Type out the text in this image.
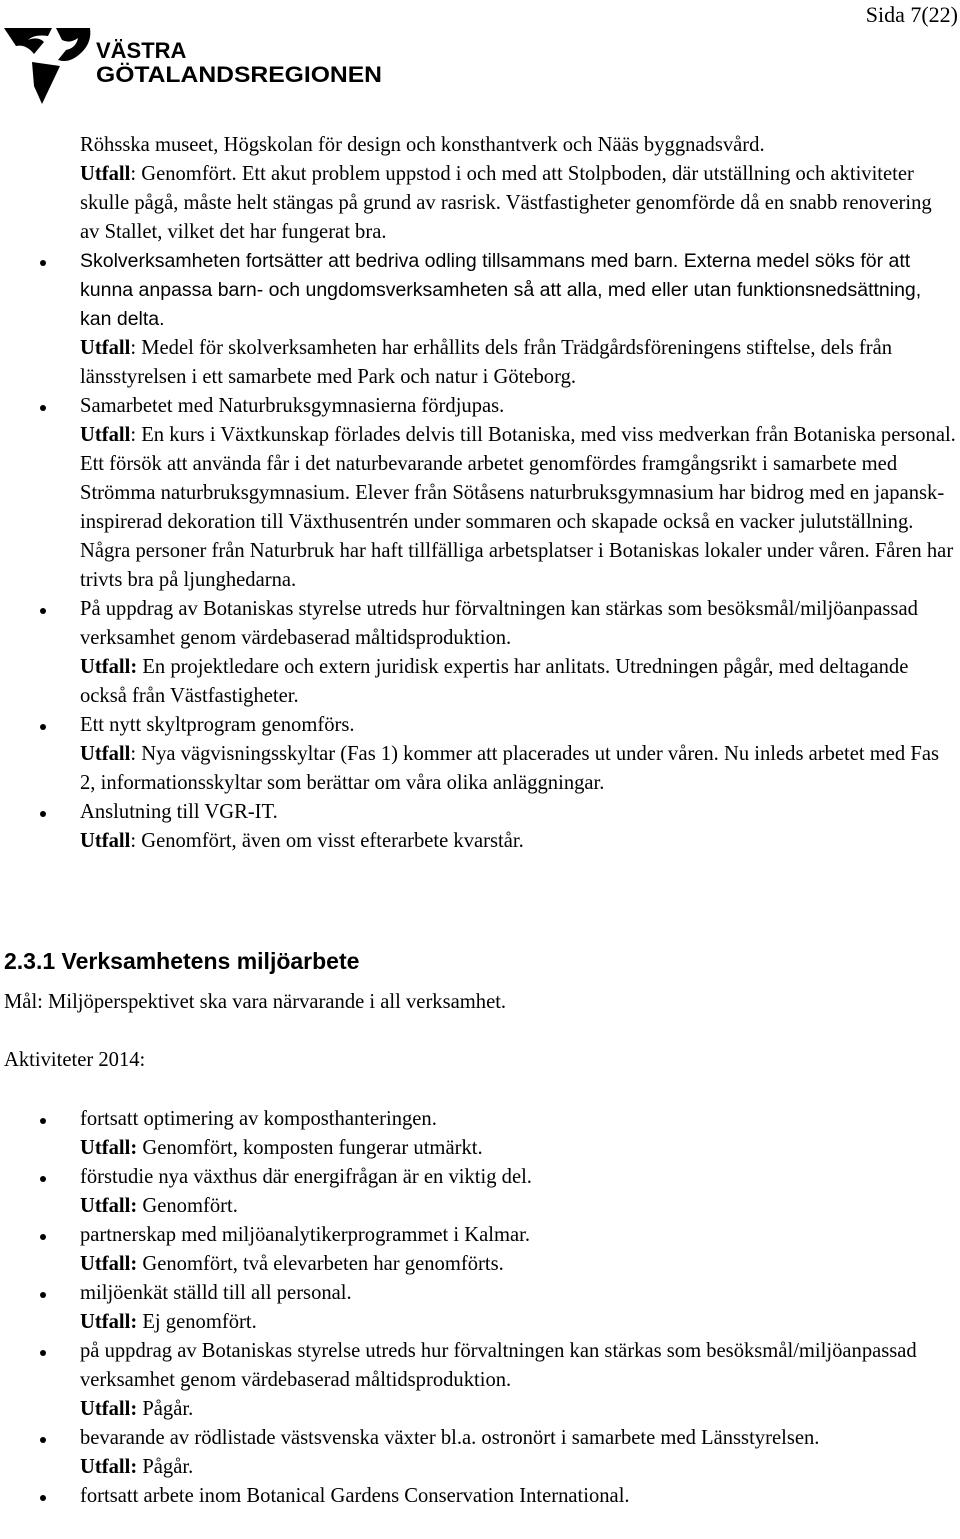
Sida 7(22)
VÄSTRA
GÖTALANDSREGIONEN
Röhsska museet, Högskolan för design och konsthantverk och Nääs byggnadsvård.
Utfall: Genomfört. Ett akut problem uppstod i och med att Stolpboden, där utställning och aktiviteter skulle pågå, måste helt stängas på grund av rasrisk. Västfastigheter genomförde då en snabb renovering av Stallet, vilket det har fungerat bra.
Skolverksamheten fortsätter att bedriva odling tillsammans med barn. Externa medel söks för att kunna anpassa barn- och ungdomsverksamheten så att alla, med eller utan funktionsnedsättning, kan delta.
Utfall: Medel för skolverksamheten har erhållits dels från Trädgårdsföreningens stiftelse, dels från länsstyrelsen i ett samarbete med Park och natur i Göteborg.
Samarbetet med Naturbruksgymnasierna fördjupas.
Utfall: En kurs i Växtkunskap förlades delvis till Botaniska, med viss medverkan från Botaniska personal. Ett försök att använda får i det naturbevarande arbetet genomfördes framgångsrikt i samarbete med Strömma naturbruksgymnasium. Elever från Sötåsens naturbruksgymnasium har bidrog med en japansk-inspirerad dekoration till Växthusentrén under sommaren och skapade också en vacker julutställning. Några personer från Naturbruk har haft tillfälliga arbetsplatser i Botaniskas lokaler under våren. Fåren har trivts bra på ljunghedarna.
På uppdrag av Botaniskas styrelse utreds hur förvaltningen kan stärkas som besöksmål/miljöanpassad verksamhet genom värdebaserad måltidsproduktion.
Utfall: En projektledare och extern juridisk expertis har anlitats. Utredningen pågår, med deltagande också från Västfastigheter.
Ett nytt skyltprogram genomförs.
Utfall: Nya vägvisningsskyltar (Fas 1) kommer att placerades ut under våren. Nu inleds arbetet med Fas 2, informationsskyltar som berättar om våra olika anläggningar.
Anslutning till VGR-IT.
Utfall: Genomfört, även om visst efterarbete kvarstår.
2.3.1 Verksamhetens miljöarbete
Mål: Miljöperspektivet ska vara närvarande i all verksamhet.
Aktiviteter 2014:
fortsatt optimering av komposthanteringen.
Utfall: Genomfört, komposten fungerar utmärkt.
förstudie nya växthus där energifrågan är en viktig del.
Utfall: Genomfört.
partnerskap med miljöanalytikerprogrammet i Kalmar.
Utfall: Genomfört, två elevarbeten har genomförts.
miljöenkät ställd till all personal.
Utfall: Ej genomfört.
på uppdrag av Botaniskas styrelse utreds hur förvaltningen kan stärkas som besöksmål/miljöanpassad verksamhet genom värdebaserad måltidsproduktion.
Utfall: Pågår.
bevarande av rödlistade västsvenska växter bl.a. ostronört i samarbete med Länsstyrelsen.
Utfall: Pågår.
fortsatt arbete inom Botanical Gardens Conservation International.
